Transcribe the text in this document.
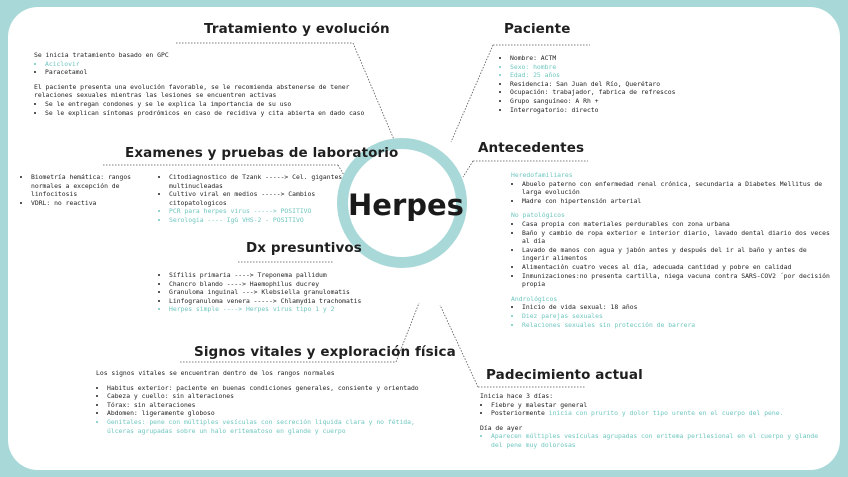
Herpes
Tratamiento y evolución
Se inicia tratamiento basado en GPC
• Aciclovir
• Paracetamol
El paciente presenta una evolución favorable, se le recomienda abstenerse de tener
relaciones sexuales mientras las lesiones se encuentren activas
• Se le entregan condones y se le explica la importancia de su uso
• Se le explican síntomas prodrómicos en caso de recidiva y cita abierta en dado caso
Paciente
• Nombre: ACTM
• Sexo: hombre
• Edad: 25 años
• Residencia: San Juan del Río, Querétaro
• Ocupación: trabajador, fabrica de refrescos
• Grupo sanguíneo: A Rh +
• Interrogatorio: directo
Examenes y pruebas de laboratorio
• Biometría hemática: rangos normales a excepción de linfocitosis
• VDRL: no reactiva
• Citodiagnostico de Tzank -----> Cel. gigantes multinucleadas
• Cultivo viral en medios -----> Cambios citopatologicos
• PCR para herpes virus -----> POSITIVO
• Serologia ---- IgG VHS-2 - POSITIVO
Antecedentes
Heredofamiliares
• Abuelo paterno con enfermedad renal crónica, secundaria a Diabetes Mellitus de larga evolución
• Madre con hipertensión arterial
No patológicos
• Casa propia con materiales perdurables con zona urbana
• Baño y cambio de ropa exterior e interior diario, lavado dental diario dos veces al día
• Lavado de manos con agua y jabón antes y después del ir al baño y antes de ingerir alimentos
• Alimentación cuatro veces al día, adecuada cantidad y pobre en calidad
• Inmunizaciones:no presenta cartilla, niega vacuna contra SARS-COV2 ´por decisión propia
Andrológicos
• Inicio de vida sexual: 18 años
• Diez parejas sexuales
• Relaciones sexuales sin protección de barrera
Dx presuntivos
• Sífilis primaria ----> Treponema pallidum
• Chancro blando ----> Haemophilus ducrey
• Granuloma inguinal ---> Klebsiella granulomatis
• Linfogranuloma venera -----> Chlamydia trachomatis
• Herpes simple ----> Herpes virus tipo 1 y 2
Signos vitales y exploración física
Los signos vitales se encuentran dentro de los rangos normales
• Habitus exterior: paciente en buenas condiciones generales, consiente y orientado
• Cabeza y cuello: sin alteraciones
• Tórax: sin alteraciones
• Abdomen: ligeramente globoso
• Genitales: pene con múltiples vesículas con secreción liquida clara y no fétida,
úlceras agrupadas sobre un halo eritematoso en glande y cuerpo
Padecimiento actual
Inicia hace 3 días:
• Fiebre y malestar general
• Posteriormente inicia con prurito y dolor tipo urente en el cuerpo del pene.
Día de ayer
• Aparecen múltiples vesículas agrupadas con eritema perilesional en el cuerpo y glande
del pene muy dolorosas
